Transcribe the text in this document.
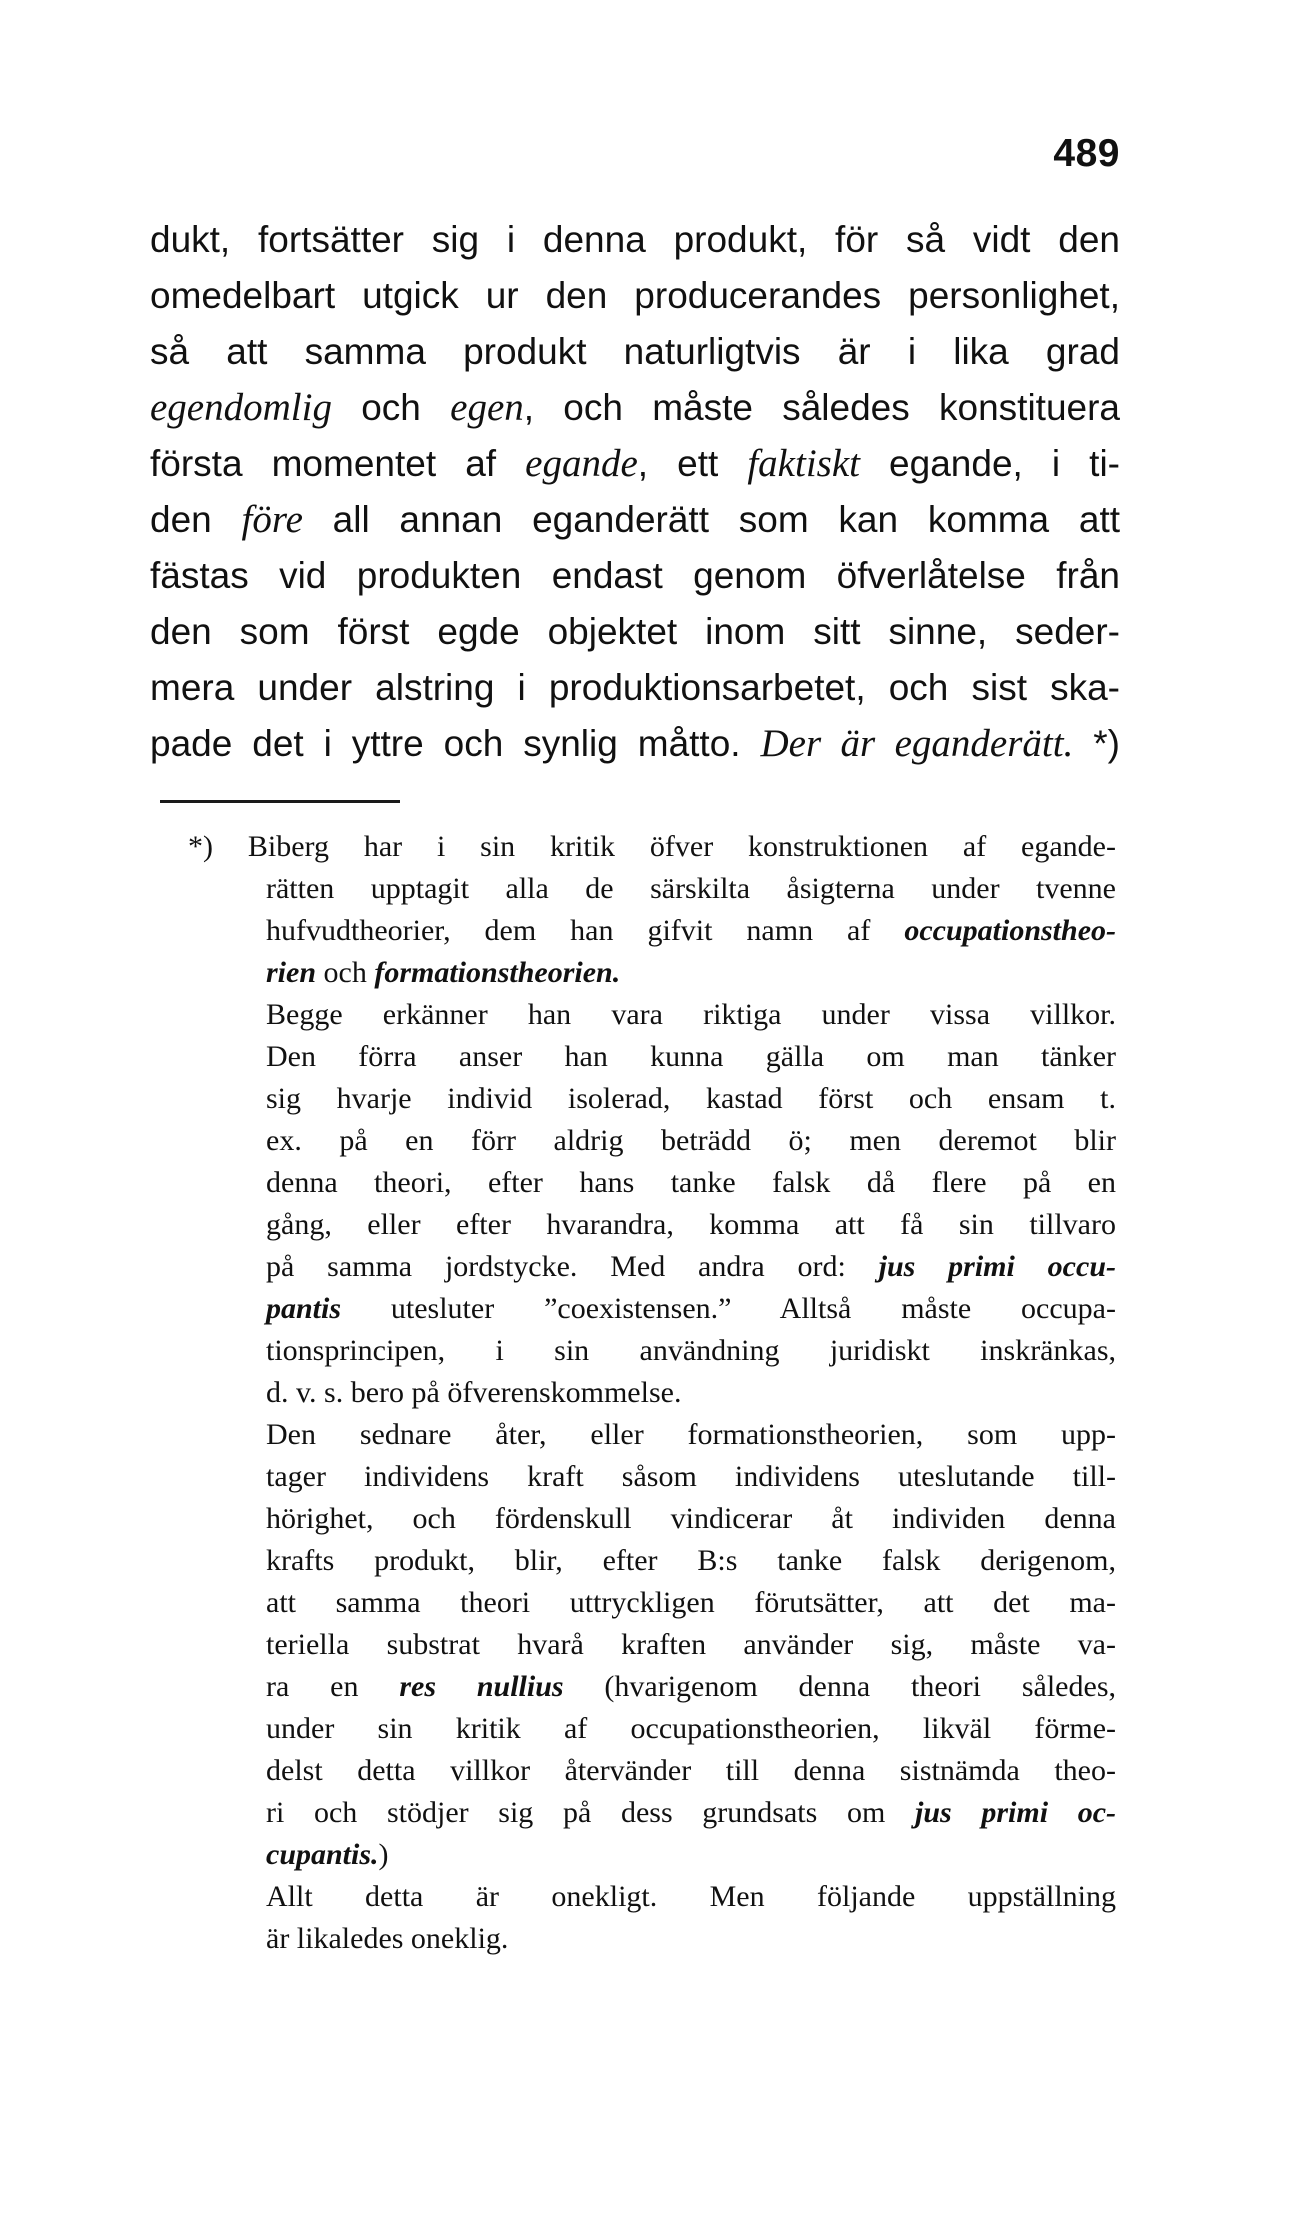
489
dukt, fortsätter sig i denna produkt, för så vidt den
omedelbart utgick ur den producerandes personlighet,
så att samma produkt naturligtvis är i lika grad
egendomlig och egen, och måste således konstituera
första momentet af egande, ett faktiskt egande, i ti-
den före all annan eganderätt som kan komma att
fästas vid produkten endast genom öfverlåtelse från
den som först egde objektet inom sitt sinne, seder-
mera under alstring i produktionsarbetet, och sist ska-
pade det i yttre och synlig måtto. Der är eganderätt. *)
*) Biberg har i sin kritik öfver konstruktionen af egande-
rätten upptagit alla de särskilta åsigterna under tvenne
hufvudtheorier, dem han gifvit namn af occupationstheo-
rien och formationstheorien.
Begge erkänner han vara riktiga under vissa villkor.
Den förra anser han kunna gälla om man tänker
sig hvarje individ isolerad, kastad först och ensam t.
ex. på en förr aldrig beträdd ö; men deremot blir
denna theori, efter hans tanke falsk då flere på en
gång, eller efter hvarandra, komma att få sin tillvaro
på samma jordstycke. Med andra ord: jus primi occu-
pantis utesluter ”coexistensen.” Alltså måste occupa-
tionsprincipen, i sin användning juridiskt inskränkas,
d. v. s. bero på öfverenskommelse.
Den sednare åter, eller formationstheorien, som upp-
tager individens kraft såsom individens uteslutande till-
hörighet, och fördenskull vindicerar åt individen denna
krafts produkt, blir, efter B:s tanke falsk derigenom,
att samma theori uttryckligen förutsätter, att det ma-
teriella substrat hvarå kraften använder sig, måste va-
ra en res nullius (hvarigenom denna theori således,
under sin kritik af occupationstheorien, likväl förme-
delst detta villkor återvänder till denna sistnämda theo-
ri och stödjer sig på dess grundsats om jus primi oc-
cupantis.)
Allt detta är onekligt. Men följande uppställning
är likaledes oneklig.
